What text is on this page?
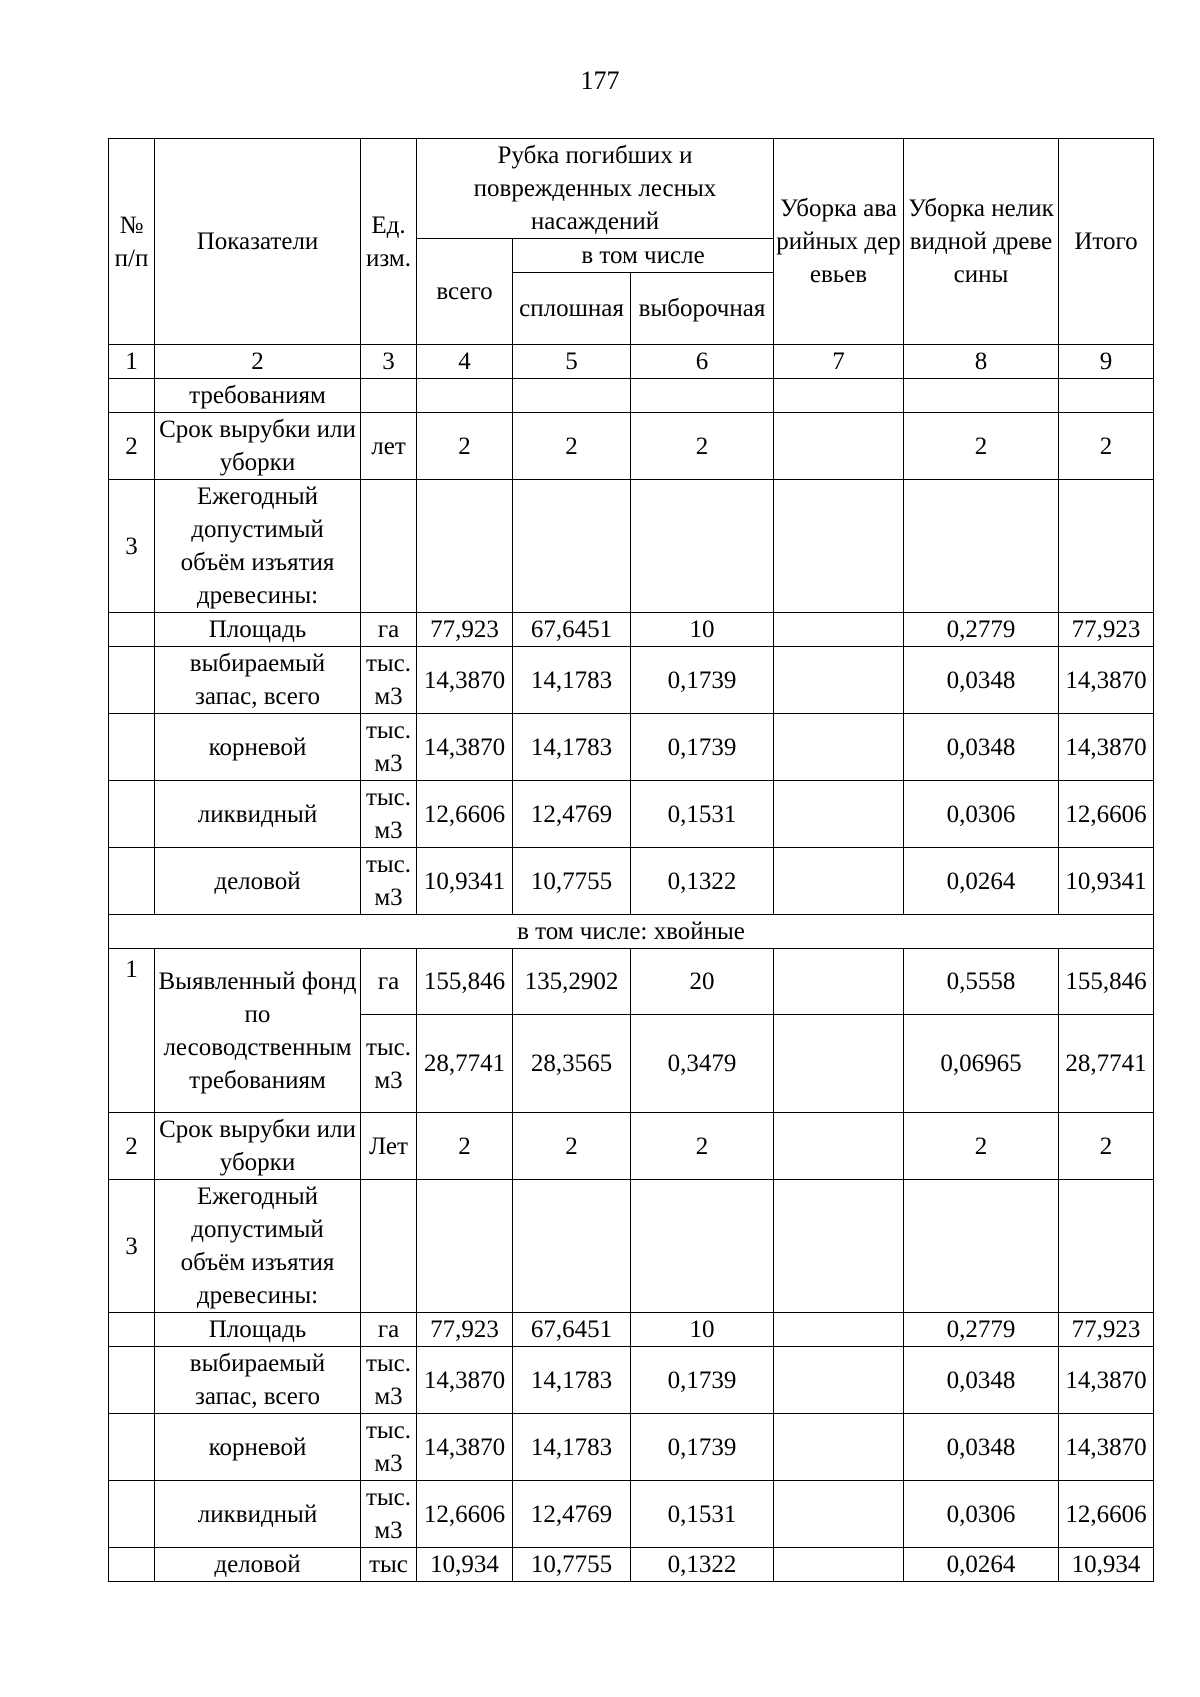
177
№ п/п	Показатели	Ед. изм.	Рубка погибших и поврежденных лесных насаждений			Уборка аварийных деревьев	Уборка неликвидной древесины	Итого
			всего	в том числе				
				сплошная	выборочная			
1	2	3	4	5	6	7	8	9
	требованиям							
2	Срок вырубки или уборки	лет	2	2	2		2	2
3	Ежегодный допустимый объём изъятия древесины:							
	Площадь	га	77,923	67,6451	10		0,2779	77,923
	выбираемый запас, всего	тыс. м3	14,3870	14,1783	0,1739		0,0348	14,3870
	корневой	тыс. м3	14,3870	14,1783	0,1739		0,0348	14,3870
	ликвидный	тыс. м3	12,6606	12,4769	0,1531		0,0306	12,6606
	деловой	тыс. м3	10,9341	10,7755	0,1322		0,0264	10,9341
в том числе: хвойные								
1	Выявленный фонд по лесоводственным требованиям	га	155,846	135,2902	20		0,5558	155,846
		тыс. м3	28,7741	28,3565	0,3479		0,06965	28,7741
2	Срок вырубки или уборки	Лет	2	2	2		2	2
3	Ежегодный допустимый объём изъятия древесины:							
	Площадь	га	77,923	67,6451	10		0,2779	77,923
	выбираемый запас, всего	тыс. м3	14,3870	14,1783	0,1739		0,0348	14,3870
	корневой	тыс. м3	14,3870	14,1783	0,1739		0,0348	14,3870
	ликвидный	тыс. м3	12,6606	12,4769	0,1531		0,0306	12,6606
	деловой	тыс	10,934	10,7755	0,1322		0,0264	10,934
